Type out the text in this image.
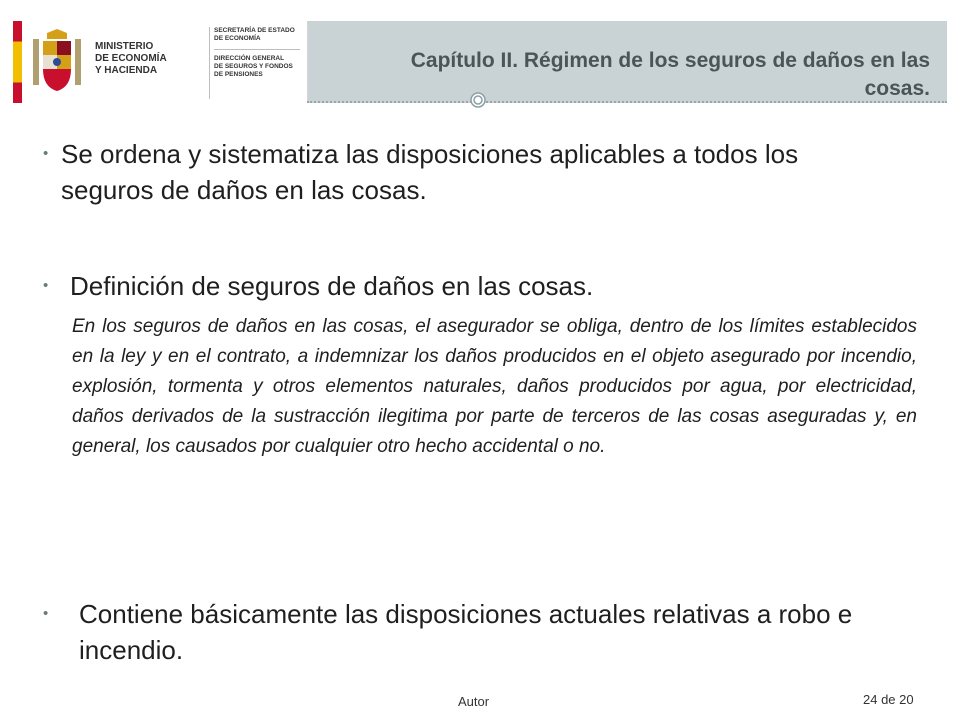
MINISTERIO
DE ECONOMÍA
Y HACIENDA
SECRETARÍA DE ESTADO
DE ECONOMÍA
DIRECCIÓN GENERAL
DE SEGUROS Y FONDOS
DE PENSIONES
Capítulo II. Régimen de los seguros de daños en las cosas.
• Se ordena y sistematiza las disposiciones aplicables a todos los seguros de daños en las cosas.
• Definición de seguros de daños en las cosas.
En los seguros de daños en las cosas, el asegurador se obliga, dentro de los límites establecidos en la ley y en el contrato, a indemnizar los daños producidos en el objeto asegurado por incendio, explosión, tormenta y otros elementos naturales, daños producidos por agua, por electricidad, daños derivados de la sustracción ilegitima por parte de terceros de las cosas aseguradas y, en general, los causados por cualquier otro hecho accidental o no.
• Contiene básicamente las disposiciones actuales relativas a robo e incendio.
Autor	24 de 20
